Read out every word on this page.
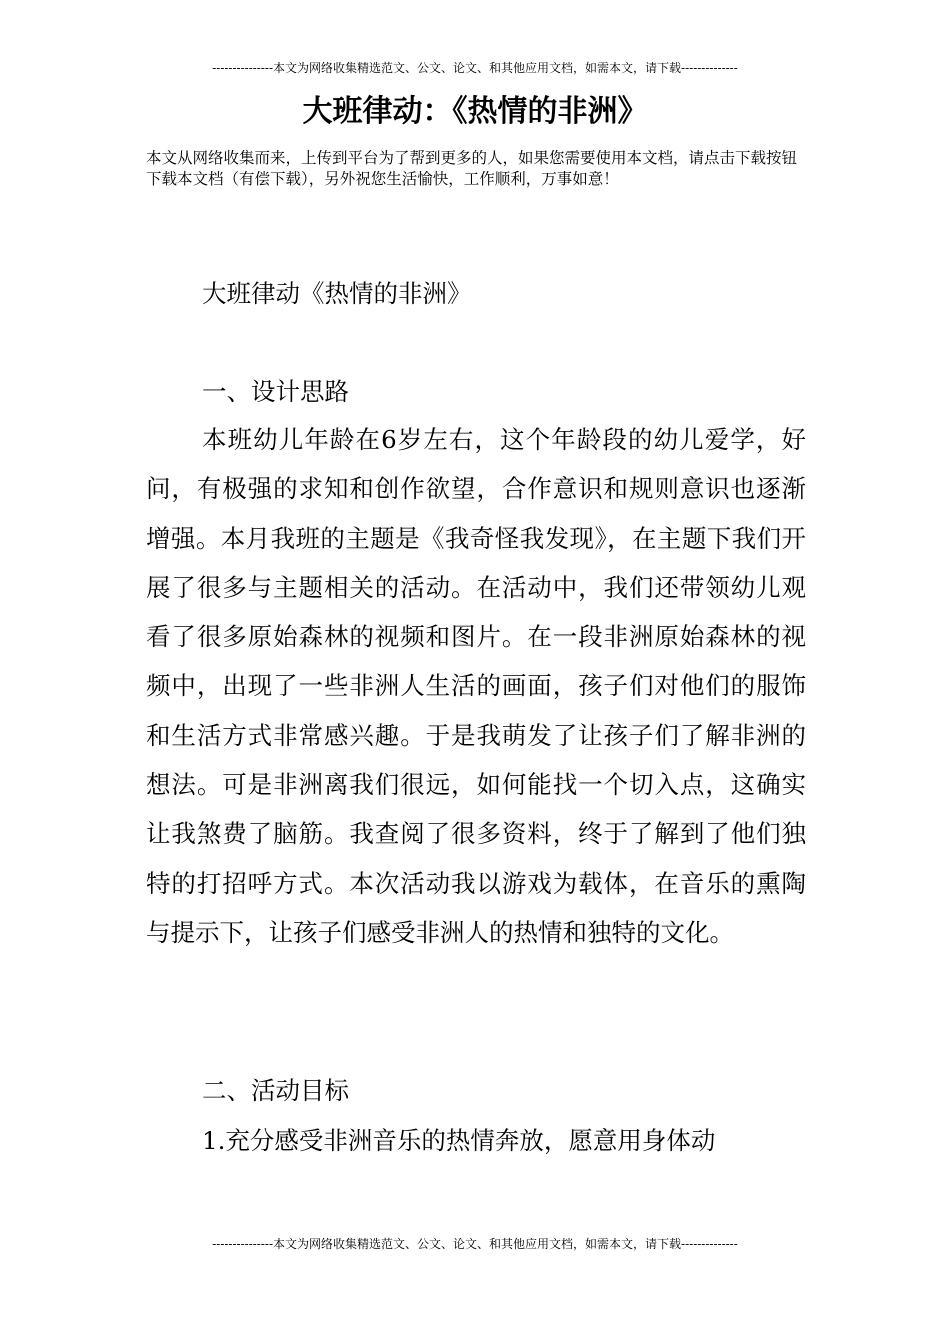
---------------本文为网络收集精选范文、公文、论文、和其他应用文档，如需本文，请下载--------------
大班律动：《热情的非洲》

本文从网络收集而来，上传到平台为了帮到更多的人，如果您需要使用本文档，请点击下载按钮下载本文档（有偿下载），另外祝您生活愉快，工作顺利，万事如意！

大班律动《热情的非洲》

一、设计思路

本班幼儿年龄在6岁左右，这个年龄段的幼儿爱学，好问，有极强的求知和创作欲望，合作意识和规则意识也逐渐增强。本月我班的主题是《我奇怪我发现》，在主题下我们开展了很多与主题相关的活动。在活动中，我们还带领幼儿观看了很多原始森林的视频和图片。在一段非洲原始森林的视频中，出现了一些非洲人生活的画面，孩子们对他们的服饰和生活方式非常感兴趣。于是我萌发了让孩子们了解非洲的想法。可是非洲离我们很远，如何能找一个切入点，这确实让我煞费了脑筋。我查阅了很多资料，终于了解到了他们独特的打招呼方式。本次活动我以游戏为载体，在音乐的熏陶与提示下，让孩子们感受非洲人的热情和独特的文化。

二、活动目标

1.充分感受非洲音乐的热情奔放，愿意用身体动

---------------本文为网络收集精选范文、公文、论文、和其他应用文档，如需本文，请下载--------------
